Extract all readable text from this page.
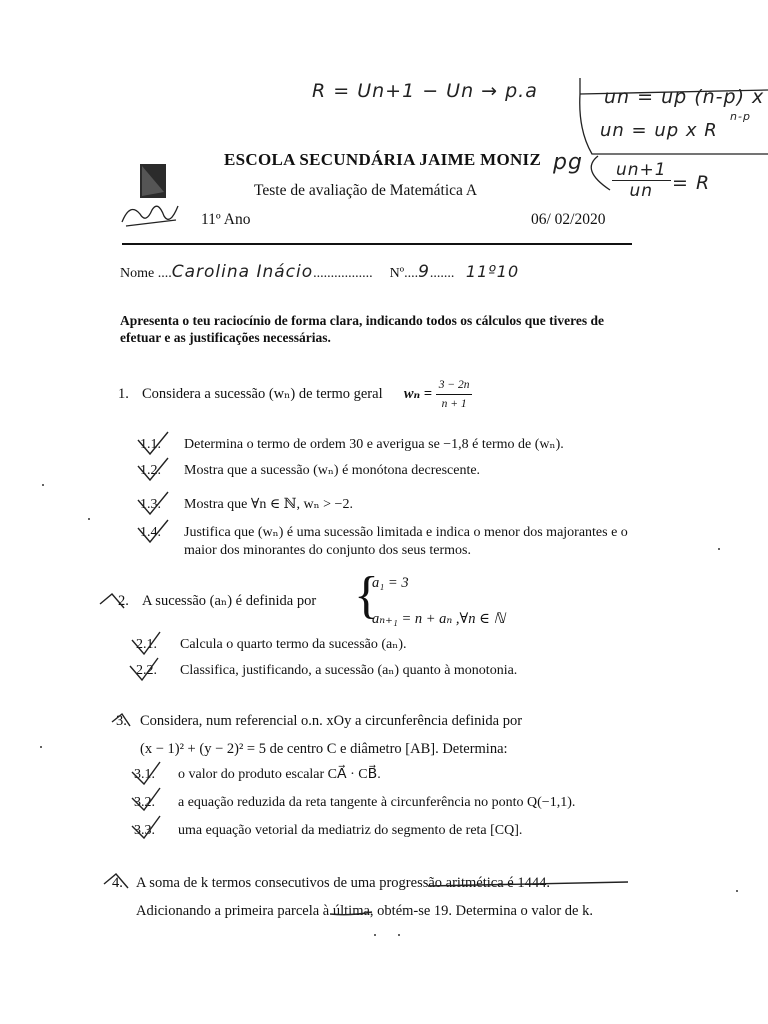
R = Un+1 − Un → p.a	un = up (n-p) x
un = up x R
n-p
pg $\frac{un+1}{un} = R$
ESCOLA SECUNDÁRIA JAIME MONIZ
Teste de avaliação de Matemática A
11º Ano	06/ 02/2020
Nome ....Carolina Inácio................. Nº....9....... 11º10
Apresenta o teu raciocínio de forma clara, indicando todos os cálculos que tiveres de efetuar e as justificações necessárias.
1. Considera a sucessão (wₙ) de termo geral $w_n = \frac{3 - 2n}{n + 1}$
1.1. Determina o termo de ordem 30 e averigua se −1,8 é termo de (wₙ).
1.2. Mostra que a sucessão (wₙ) é monótona decrescente.
1.3. Mostra que ∀n ∈ ℕ, wₙ > −2.
1.4.	Justifica que (wₙ) é uma sucessão limitada e indica o menor dos majorantes e o maior dos minorantes do conjunto dos seus termos.
2. A sucessão (aₙ) é definida por {
a₁ = 3
aₙ₊₁ = n + aₙ ,∀n ∈ ℕ
2.1. Calcula o quarto termo da sucessão (aₙ).
2.2. Classifica, justificando, a sucessão (aₙ) quanto à monotonia.
3. Considera, num referencial o.n. xOy a circunferência definida por
(x − 1)² + (y − 2)² = 5 de centro C e diâmetro [AB]. Determina:
3.1. o valor do produto escalar CA⃗ · CB⃗.
3.2. a equação reduzida da reta tangente à circunferência no ponto Q(−1,1).
3.3. uma equação vetorial da mediatriz do segmento de reta [CQ].
4. A soma de k termos consecutivos de uma progressão aritmética é 1444.
Adicionando a primeira parcela à última, obtém-se 19. Determina o valor de k.
